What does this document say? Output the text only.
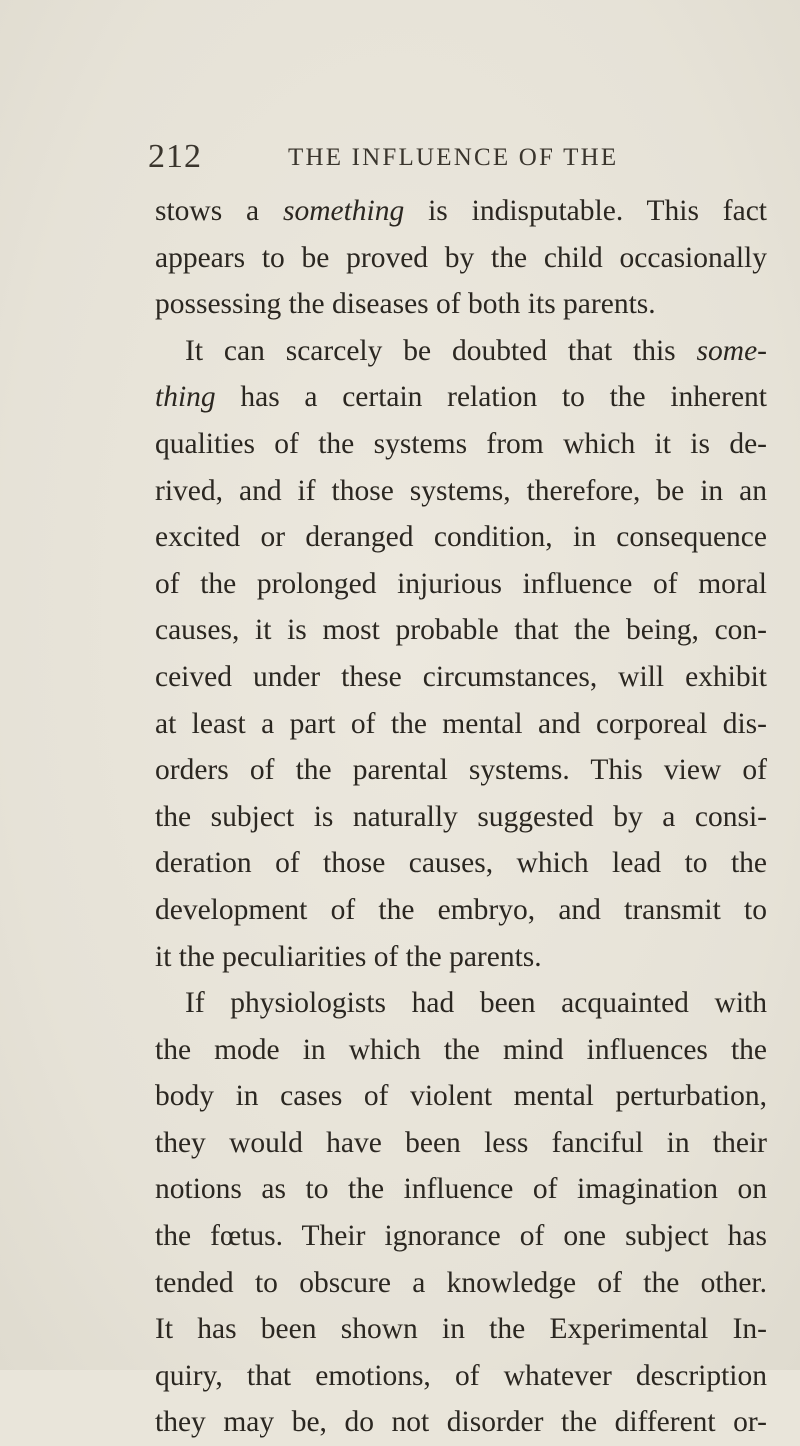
212	THE INFLUENCE OF THE
stows a something is indisputable. This fact
appears to be proved by the child occasionally
possessing the diseases of both its parents.
It can scarcely be doubted that this some-
thing has a certain relation to the inherent
qualities of the systems from which it is de-
rived, and if those systems, therefore, be in an
excited or deranged condition, in consequence
of the prolonged injurious influence of moral
causes, it is most probable that the being, con-
ceived under these circumstances, will exhibit
at least a part of the mental and corporeal dis-
orders of the parental systems. This view of
the subject is naturally suggested by a consi-
deration of those causes, which lead to the
development of the embryo, and transmit to
it the peculiarities of the parents.
If physiologists had been acquainted with
the mode in which the mind influences the
body in cases of violent mental perturbation,
they would have been less fanciful in their
notions as to the influence of imagination on
the fœtus. Their ignorance of one subject has
tended to obscure a knowledge of the other.
It has been shown in the Experimental In-
quiry, that emotions, of whatever description
they may be, do not disorder the different or-
